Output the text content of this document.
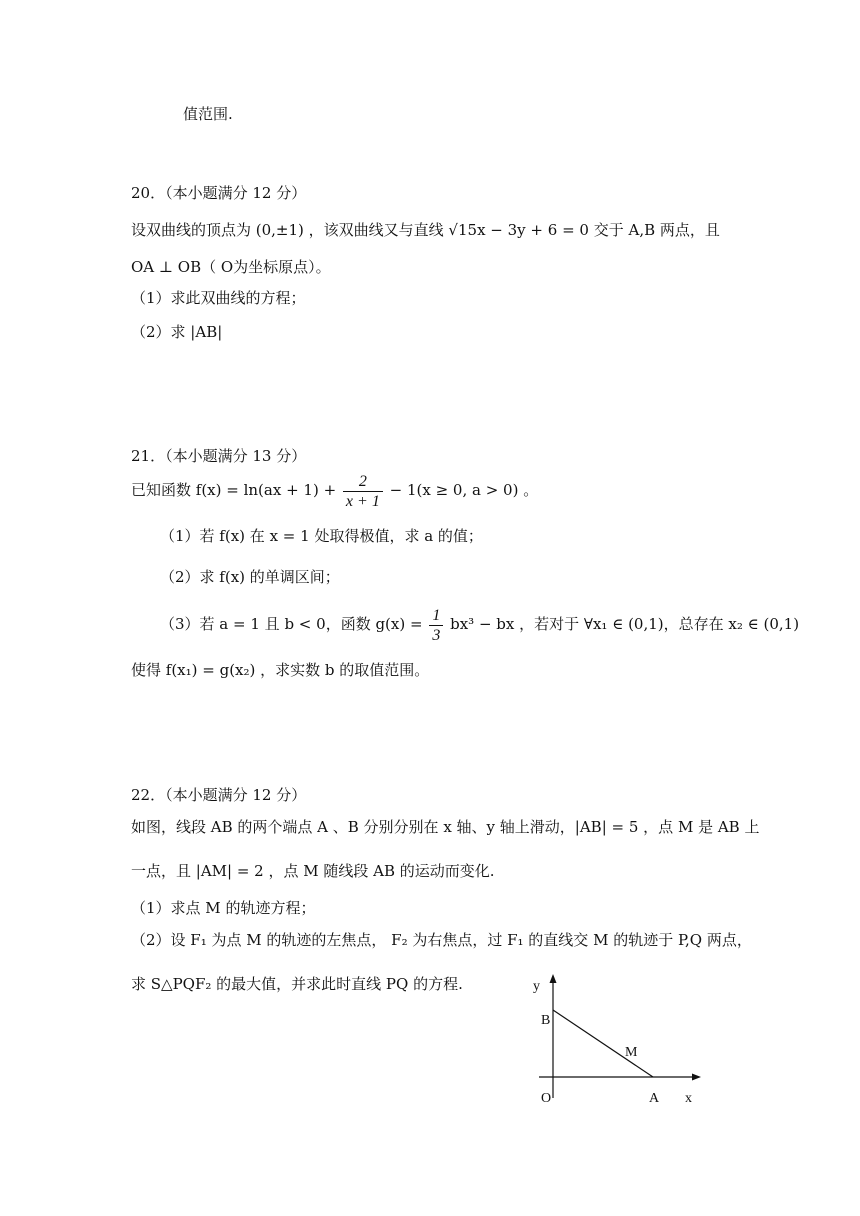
值范围.
20．（本小题满分 12 分）
设双曲线的顶点为 (0,±1) ，该双曲线又与直线 √15x − 3y + 6 = 0 交于 A,B 两点，且
OA ⊥ OB（ O为坐标原点）。
（1）求此双曲线的方程；
（2）求 |AB|
21．（本小题满分 13 分）
已知函数 $f(x) = \ln(ax + 1) + \frac{2}{x + 1} - 1(x \ge 0$, a > 0) 。
（1）若 f(x) 在 x = 1 处取得极值，求 a 的值；
（2）求 f(x) 的单调区间；
（3）若 a = 1 且 b < 0，函数 $g(x) = \frac{1}{3} bx^3$ − bx ，若对于 ∀x₁ ∈ (0,1)，总存在 x₂ ∈ (0,1)
使得 f(x₁) = g(x₂) ，求实数 b 的取值范围。
22．（本小题满分 12 分）
如图，线段 AB 的两个端点 A 、B 分别分别在 x 轴、y 轴上滑动，|AB| = 5 ，点 M 是 AB 上
一点，且 |AM| = 2 ，点 M 随线段 AB 的运动而变化.
（1）求点 M 的轨迹方程；
（2）设 F₁ 为点 M 的轨迹的左焦点， F₂ 为右焦点，过 F₁ 的直线交 M 的轨迹于 P,Q 两点，
求 S△PQF₂ 的最大值，并求此时直线 PQ 的方程.	y
B
M
O	A x
